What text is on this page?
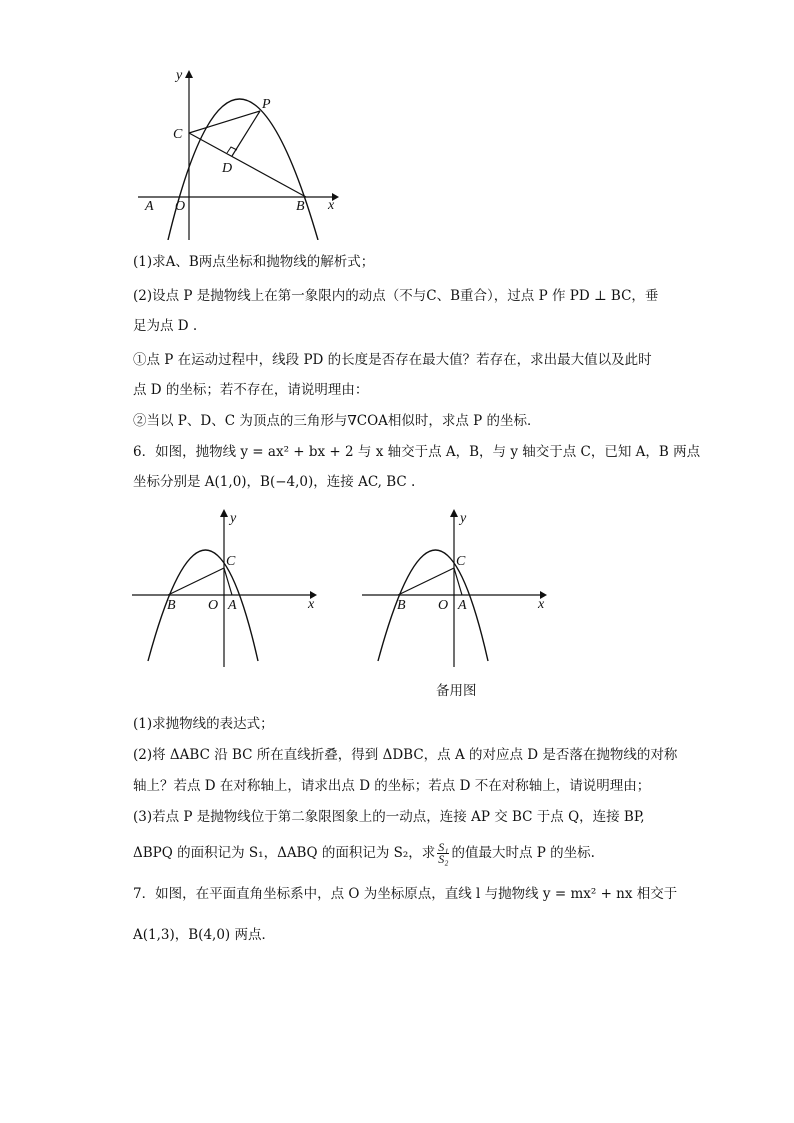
y
x
C
P
D
A O	B
(1)求A、B两点坐标和抛物线的解析式；
(2)设点 P 是抛物线上在第一象限内的动点（不与C、B重合），过点 P 作 PD ⊥ BC，垂
足为点 D .
①点 P 在运动过程中，线段 PD 的长度是否存在最大值？若存在，求出最大值以及此时
点 D 的坐标；若不存在，请说明理由：
②当以 P、D、C 为顶点的三角形与∇COA相似时，求点 P 的坐标．
6．如图，抛物线 y = ax² + bx + 2 与 x 轴交于点 A，B，与 y 轴交于点 C，已知 A，B 两点
坐标分别是 A(1,0)，B(−4,0)，连接 AC, BC .
y
x
C
B O A
y
x
C
B O A
备用图
(1)求抛物线的表达式；
(2)将 ΔABC 沿 BC 所在直线折叠，得到 ΔDBC，点 A 的对应点 D 是否落在抛物线的对称
轴上？若点 D 在对称轴上，请求出点 D 的坐标；若点 D 不在对称轴上，请说明理由；
(3)若点 P 是抛物线位于第二象限图象上的一动点，连接 AP 交 BC 于点 Q，连接 BP,
ΔBPQ 的面积记为 S₁，ΔABQ 的面积记为 S₂，求 $\frac{\text{S₁}}{\text{S₂}}$ 的值最大时点 P 的坐标.
7．如图，在平面直角坐标系中，点 O 为坐标原点，直线 l 与抛物线 y = mx² + nx 相交于
A(1,3)，B(4,0) 两点．
